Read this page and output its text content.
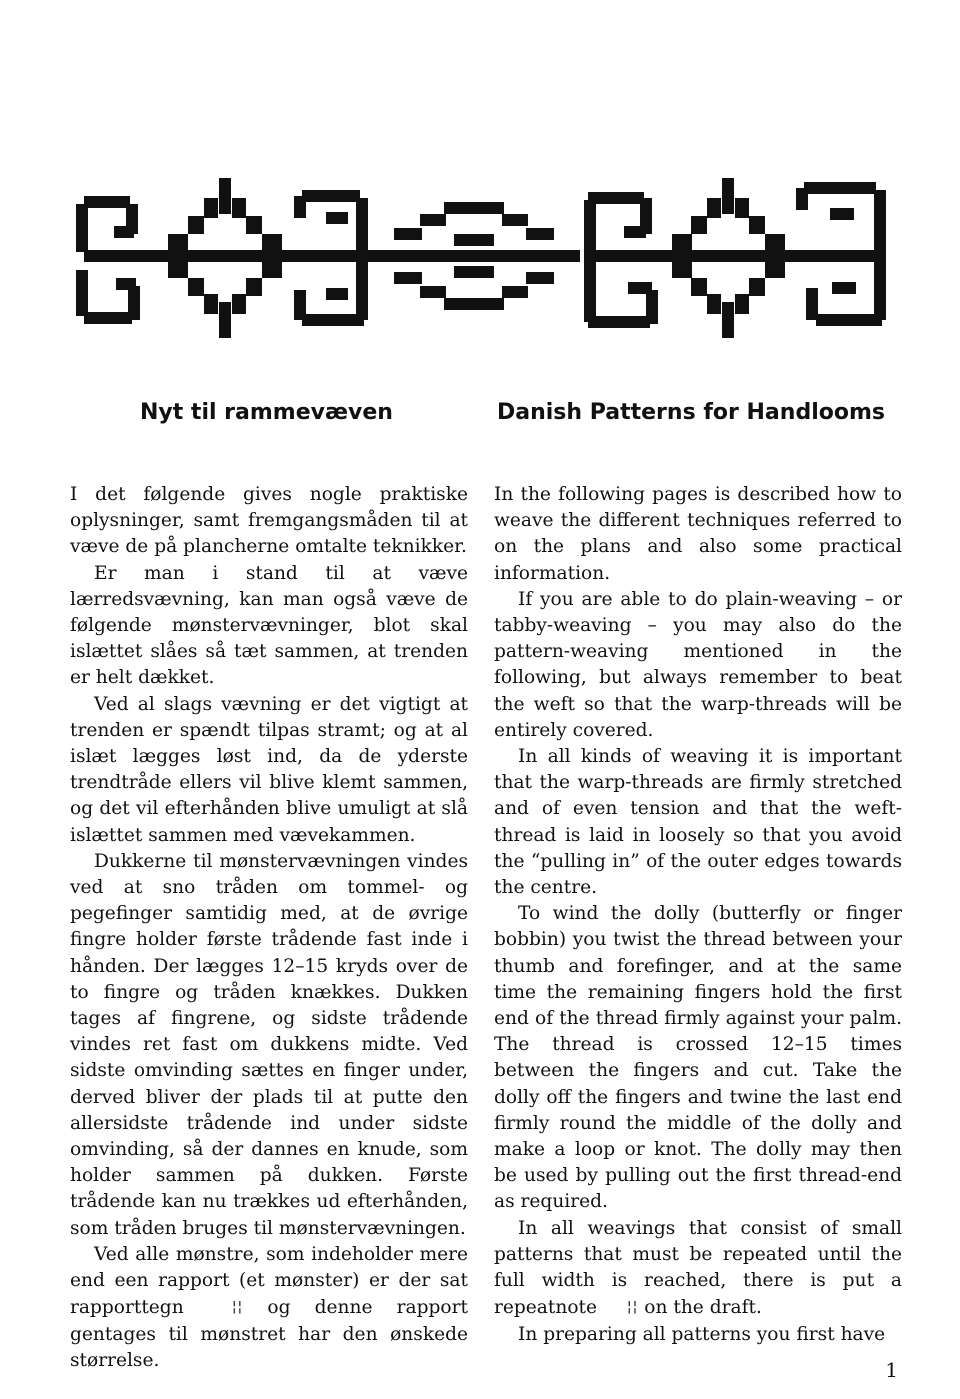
Nyt til rammevæven	Danish Patterns for Handlooms

I det følgende gives nogle praktiske oplysninger, samt fremgangsmåden til at væve de på plancherne omtalte teknikker.

Er man i stand til at væve lærredsvævning, kan man også væve de følgende mønstervævninger, blot skal islættet slåes så tæt sammen, at trenden er helt dækket.

Ved al slags vævning er det vigtigt at trenden er spændt tilpas stramt; og at al islæt lægges løst ind, da de yderste trendtråde ellers vil blive klemt sammen, og det vil efterhånden blive umuligt at slå islættet sammen med vævekammen.

Dukkerne til mønstervævningen vindes ved at sno tråden om tommel- og pegefinger samtidig med, at de øvrige fingre holder første trådende fast inde i hånden. Der lægges 12–15 kryds over de to fingre og tråden knækkes. Dukken tages af fingrene, og sidste trådende vindes ret fast om dukkens midte. Ved sidste omvinding sættes en finger under, derved bliver der plads til at putte den allersidste trådende ind under sidste omvinding, så der dannes en knude, som holder sammen på dukken. Første trådende kan nu trækkes ud efterhånden, som tråden bruges til mønstervævningen.

Ved alle mønstre, som indeholder mere end een rapport (et mønster) er der sat rapporttegn ¦¦ og denne rapport gentages til mønstret har den ønskede størrelse.

In the following pages is described how to weave the different techniques referred to on the plans and also some practical information.

If you are able to do plain-weaving – or tabby-weaving – you may also do the pattern-weaving mentioned in the following, but always remember to beat the weft so that the warp-threads will be entirely covered.

In all kinds of weaving it is important that the warp-threads are firmly stretched and of even tension and that the weft-thread is laid in loosely so that you avoid the “pulling in” of the outer edges towards the centre.

To wind the dolly (butterfly or finger bobbin) you twist the thread between your thumb and forefinger, and at the same time the remaining fingers hold the first end of the thread firmly against your palm. The thread is crossed 12–15 times between the fingers and cut. Take the dolly off the fingers and twine the last end firmly round the middle of the dolly and make a loop or knot. The dolly may then be used by pulling out the first thread-end as required.

In all weavings that consist of small patterns that must be repeated until the full width is reached, there is put a repeatnote ¦¦ on the draft.

In preparing all patterns you first have

1
